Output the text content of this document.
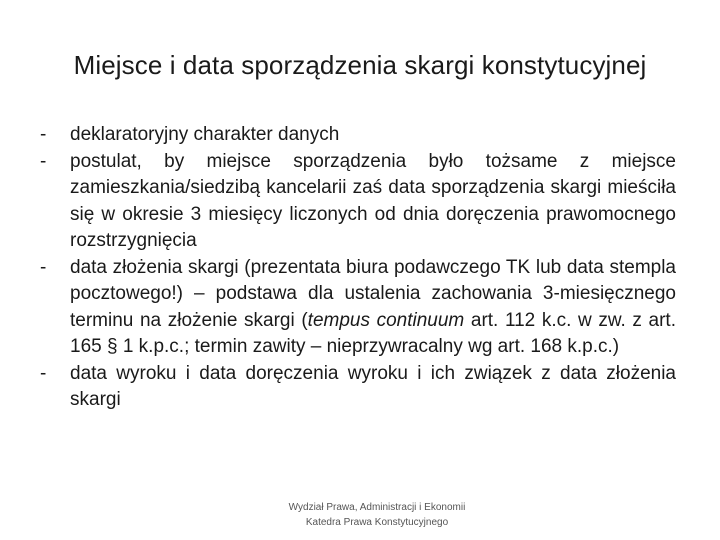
Miejsce i data sporządzenia skargi konstytucyjnej
-	deklaratoryjny charakter danych
-	postulat, by miejsce sporządzenia było tożsame z miejsce zamieszkania/siedzibą kancelarii zaś data sporządzenia skargi mieściła się w okresie 3 miesięcy liczonych od dnia doręczenia prawomocnego rozstrzygnięcia
-	data złożenia skargi (prezentata biura podawczego TK lub data stempla pocztowego!) – podstawa dla ustalenia zachowania 3-miesięcznego terminu na złożenie skargi (tempus continuum art. 112 k.c. w zw. z art. 165 § 1 k.p.c.; termin zawity – nieprzywracalny wg art. 168 k.p.c.)
-	data wyroku i data doręczenia wyroku i ich związek z data złożenia skargi
Wydział Prawa, Administracji i Ekonomii
Katedra Prawa Konstytucyjnego
